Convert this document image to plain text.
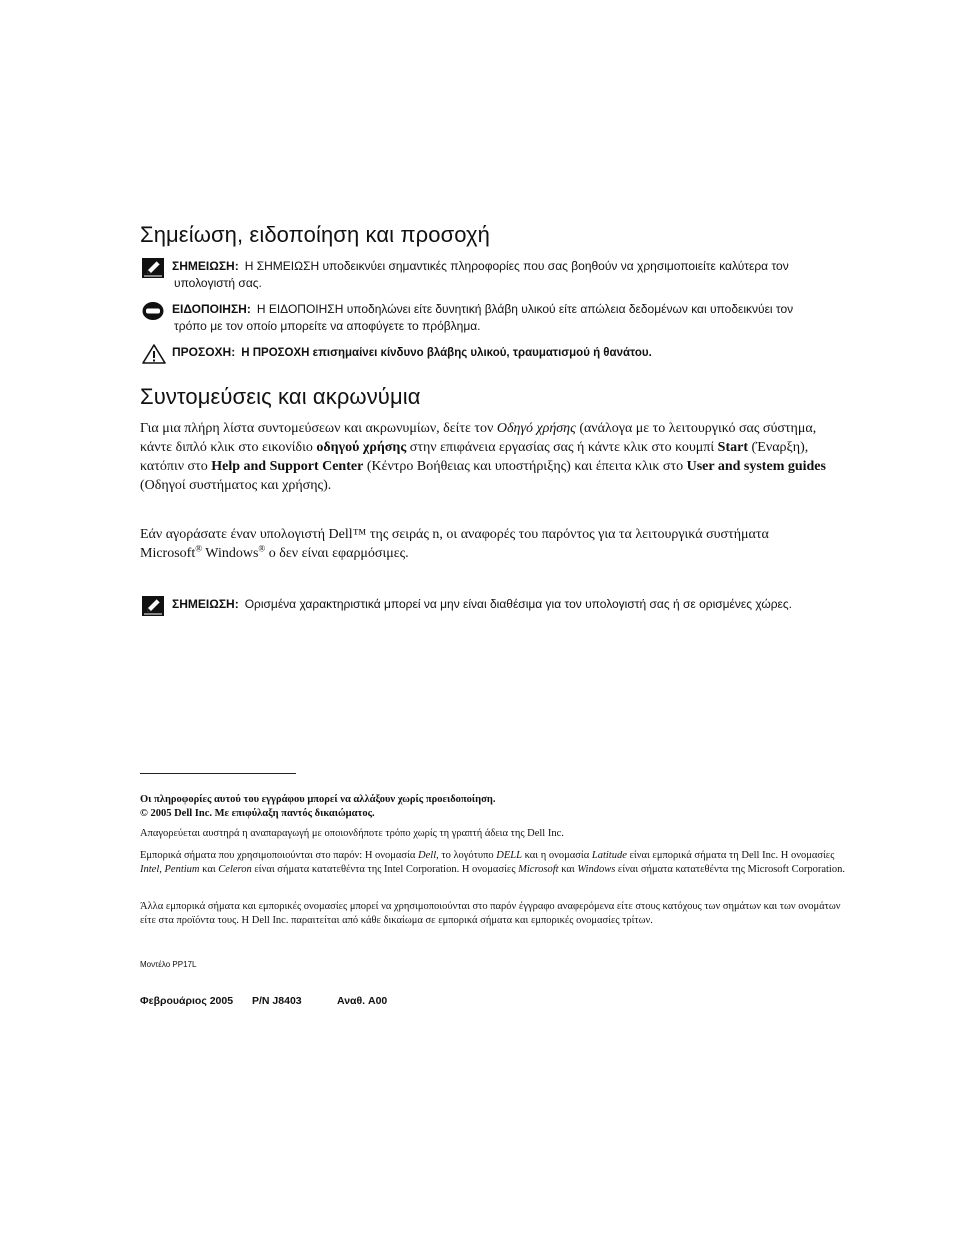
Σημείωση, ειδοποίηση και προσοχή
ΣΗΜΕΙΩΣΗ: Η ΣΗΜΕΙΩΣΗ υποδεικνύει σημαντικές πληροφορίες που σας βοηθούν να χρησιμοποιείτε καλύτερα τον
υπολογιστή σας.
ΕΙΔΟΠΟΙΗΣΗ: Η ΕΙΔΟΠΟΙΗΣΗ υποδηλώνει είτε δυνητική βλάβη υλικού είτε απώλεια δεδομένων και υποδεικνύει τον
τρόπο με τον οποίο μπορείτε να αποφύγετε το πρόβλημα.
ΠΡΟΣΟΧΗ: Η ΠΡΟΣΟΧΗ επισημαίνει κίνδυνο βλάβης υλικού, τραυματισμού ή θανάτου.
Συντομεύσεις και ακρωνύμια

Για μια πλήρη λίστα συντομεύσεων και ακρωνυμίων, δείτε τον Οδηγό χρήσης (ανάλογα με το λειτουργικό σας σύστημα, κάντε διπλό κλικ στο εικονίδιο οδηγού χρήσης στην επιφάνεια εργασίας σας ή κάντε κλικ στο κουμπί Start (Έναρξη), κατόπιν στο Help and Support Center (Κέντρο Βοήθειας και υποστήριξης) και έπειτα κλικ στο User and system guides (Οδηγοί συστήματος και χρήσης).

Εάν αγοράσατε έναν υπολογιστή Dell™ της σειράς n, οι αναφορές του παρόντος για τα λειτουργικά συστήματα Microsoft® Windows® ο δεν είναι εφαρμόσιμες.

ΣΗΜΕΙΩΣΗ: Ορισμένα χαρακτηριστικά μπορεί να μην είναι διαθέσιμα για τον υπολογιστή σας ή σε ορισμένες χώρες.

Οι πληροφορίες αυτού του εγγράφου μπορεί να αλλάξουν χωρίς προειδοποίηση.
© 2005 Dell Inc. Με επιφύλαξη παντός δικαιώματος.

Απαγορεύεται αυστηρά η αναπαραγωγή με οποιονδήποτε τρόπο χωρίς τη γραπτή άδεια της Dell Inc.

Εμπορικά σήματα που χρησιμοποιούνται στο παρόν: Η ονομασία Dell, το λογότυπο DELL και η ονομασία Latitude είναι εμπορικά σήματα τη Dell Inc. Η ονομασίες Intel, Pentium και Celeron είναι σήματα κατατεθέντα της Intel Corporation. Η ονομασίες Microsoft και Windows είναι σήματα κατατεθέντα της Microsoft Corporation.

Άλλα εμπορικά σήματα και εμπορικές ονομασίες μπορεί να χρησιμοποιούνται στο παρόν έγγραφο αναφερόμενα είτε στους κατόχους των σημάτων και των ονομάτων είτε στα προϊόντα τους. Η Dell Inc. παραιτείται από κάθε δικαίωμα σε εμπορικά σήματα και εμπορικές ονομασίες τρίτων.

Μοντέλο PP17L
Φεβρουάριος 2005 P/N J8403	Αναθ. A00
